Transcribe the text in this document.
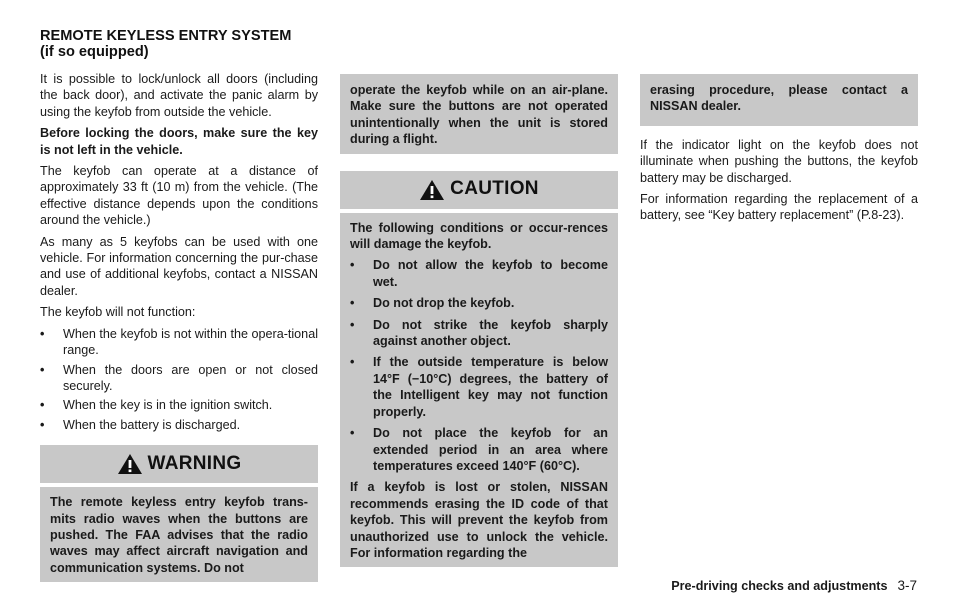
REMOTE KEYLESS ENTRY SYSTEM
(if so equipped)

It is possible to lock/unlock all doors (including the back door), and activate the panic alarm by using the keyfob from outside the vehicle.

Before locking the doors, make sure the key is not left in the vehicle.

The keyfob can operate at a distance of approximately 33 ft (10 m) from the vehicle. (The effective distance depends upon the conditions around the vehicle.)

As many as 5 keyfobs can be used with one vehicle. For information concerning the pur-chase and use of additional keyfobs, contact a NISSAN dealer.

The keyfob will not function:

• When the keyfob is not within the opera-tional range.
• When the doors are open or not closed securely.
• When the key is in the ignition switch.
• When the battery is discharged.
WARNING

The remote keyless entry keyfob trans-mits radio waves when the buttons are pushed. The FAA advises that the radio waves may affect aircraft navigation and communication systems. Do not

operate the keyfob while on an air-plane. Make sure the buttons are not operated unintentionally when the unit is stored during a flight.

CAUTION

The following conditions or occur-rences will damage the keyfob.

• Do not allow the keyfob to become wet.
• Do not drop the keyfob.
• Do not strike the keyfob sharply against another object.
• If the outside temperature is below 14°F (−10°C) degrees, the battery of the Intelligent key may not function properly.
• Do not place the keyfob for an extended period in an area where temperatures exceed 140°F (60°C).

If a keyfob is lost or stolen, NISSAN recommends erasing the ID code of that keyfob. This will prevent the keyfob from unauthorized use to unlock the vehicle. For information regarding the

erasing procedure, please contact a NISSAN dealer.

If the indicator light on the keyfob does not illuminate when pushing the buttons, the keyfob battery may be discharged.

For information regarding the replacement of a battery, see “Key battery replacement” (P.8-23).

Pre-driving checks and adjustments 3-7
